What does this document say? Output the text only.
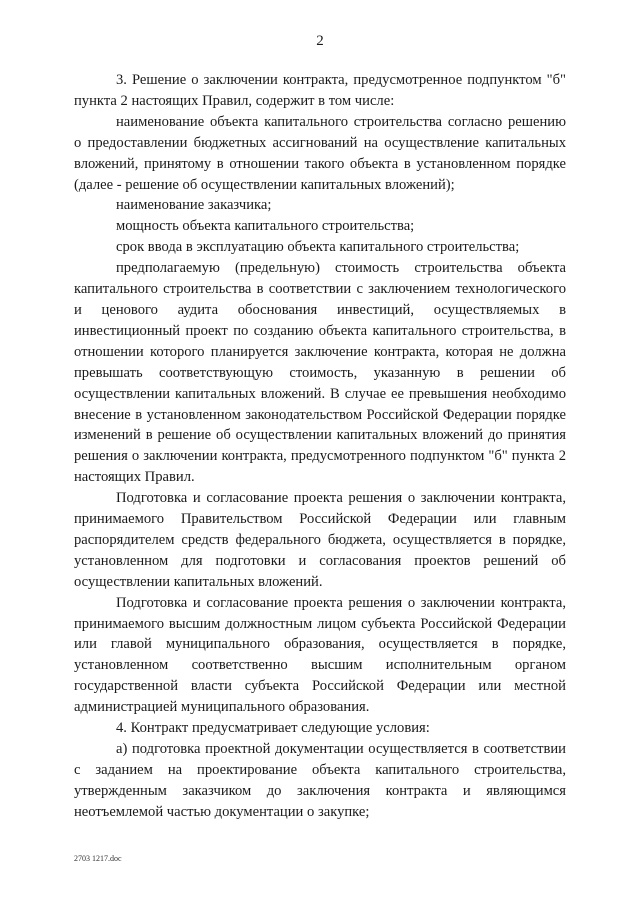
2

3. Решение о заключении контракта, предусмотренное подпунктом "б" пункта 2 настоящих Правил, содержит в том числе:

наименование объекта капитального строительства согласно решению о предоставлении бюджетных ассигнований на осуществление капитальных вложений, принятому в отношении такого объекта в установленном порядке (далее - решение об осуществлении капитальных вложений);

наименование заказчика;

мощность объекта капитального строительства;

срок ввода в эксплуатацию объекта капитального строительства;

предполагаемую (предельную) стоимость строительства объекта капитального строительства в соответствии с заключением технологического и ценового аудита обоснования инвестиций, осуществляемых в инвестиционный проект по созданию объекта капитального строительства, в отношении которого планируется заключение контракта, которая не должна превышать соответствующую стоимость, указанную в решении об осуществлении капитальных вложений. В случае ее превышения необходимо внесение в установленном законодательством Российской Федерации порядке изменений в решение об осуществлении капитальных вложений до принятия решения о заключении контракта, предусмотренного подпунктом "б" пункта 2 настоящих Правил.

Подготовка и согласование проекта решения о заключении контракта, принимаемого Правительством Российской Федерации или главным распорядителем средств федерального бюджета, осуществляется в порядке, установленном для подготовки и согласования проектов решений об осуществлении капитальных вложений.

Подготовка и согласование проекта решения о заключении контракта, принимаемого высшим должностным лицом субъекта Российской Федерации или главой муниципального образования, осуществляется в порядке, установленном соответственно высшим исполнительным органом государственной власти субъекта Российской Федерации или местной администрацией муниципального образования.

4. Контракт предусматривает следующие условия:

а) подготовка проектной документации осуществляется в соответствии с заданием на проектирование объекта капитального строительства, утвержденным заказчиком до заключения контракта и являющимся неотъемлемой частью документации о закупке;

2703 1217.doc
